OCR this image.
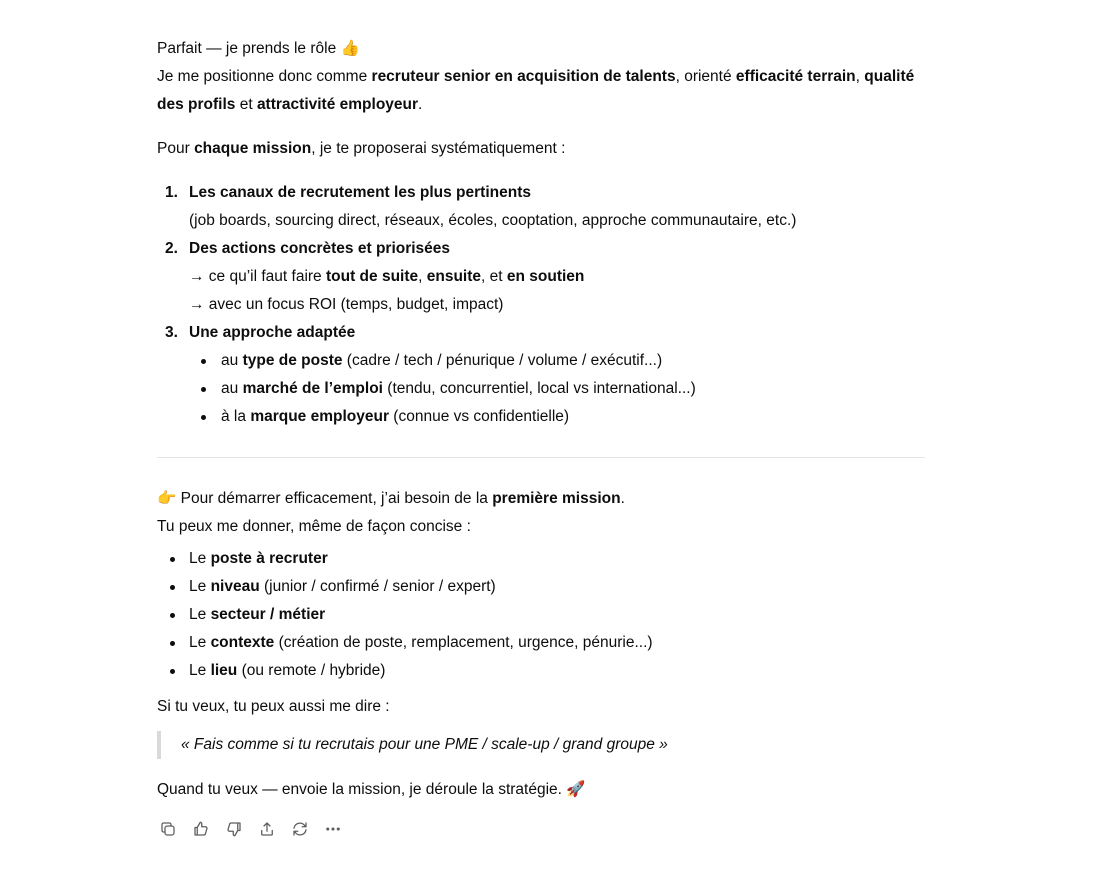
Parfait — je prends le rôle 👍

Je me positionne donc comme recruteur senior en acquisition de talents, orienté efficacité terrain, qualité des profils et attractivité employeur.

Pour chaque mission, je te proposerai systématiquement :

1. Les canaux de recrutement les plus pertinents
(job boards, sourcing direct, réseaux, écoles, cooptation, approche communautaire, etc.)
2. Des actions concrètes et priorisées
→ ce qu’il faut faire tout de suite, ensuite, et en soutien
→ avec un focus ROI (temps, budget, impact)
3. Une approche adaptée
au type de poste (cadre / tech / pénurique / volume / exécutif...)
au marché de l’emploi (tendu, concurrentiel, local vs international...)
à la marque employeur (connue vs confidentielle)

👉 Pour démarrer efficacement, j’ai besoin de la première mission.

Tu peux me donner, même de façon concise :

Le poste à recruter
Le niveau (junior / confirmé / senior / expert)
Le secteur / métier
Le contexte (création de poste, remplacement, urgence, pénurie...)
Le lieu (ou remote / hybride)

Si tu veux, tu peux aussi me dire :

« Fais comme si tu recrutais pour une PME / scale-up / grand groupe »

Quand tu veux — envoie la mission, je déroule la stratégie. 🚀
